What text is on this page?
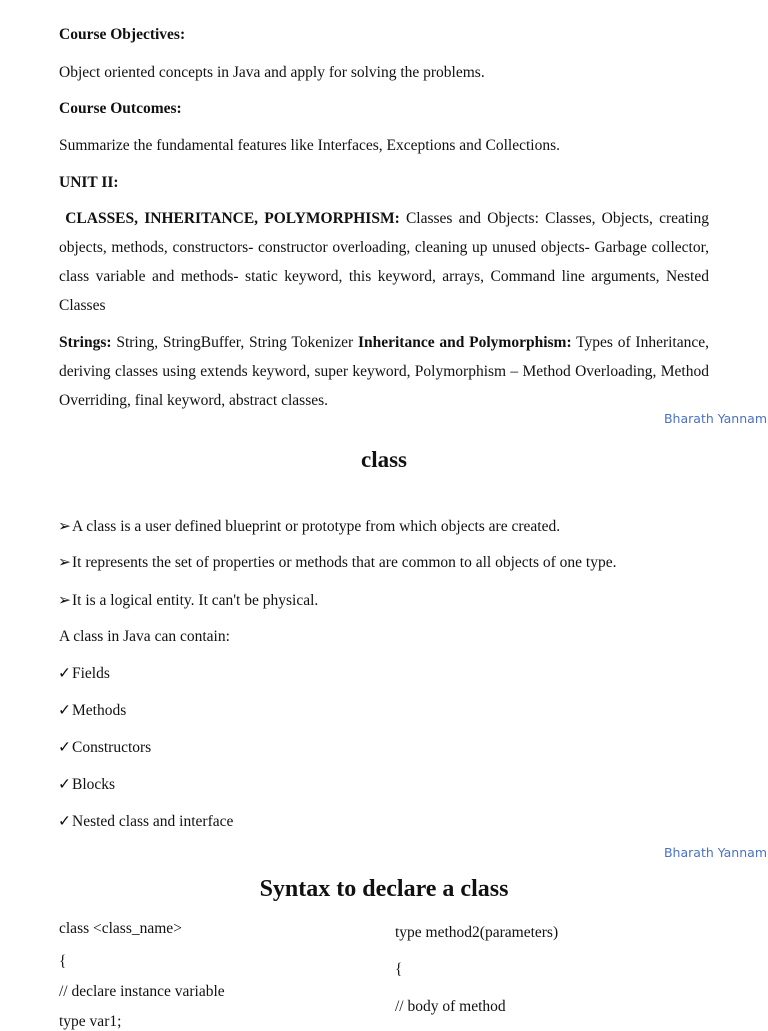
Course Objectives:

Object oriented concepts in Java and apply for solving the problems.

Course Outcomes:

Summarize the fundamental features like Interfaces, Exceptions and Collections.

UNIT II:

CLASSES, INHERITANCE, POLYMORPHISM: Classes and Objects: Classes, Objects, creating objects, methods, constructors- constructor overloading, cleaning up unused objects- Garbage collector, class variable and methods- static keyword, this keyword, arrays, Command line arguments, Nested Classes

Strings: String, StringBuffer, String Tokenizer Inheritance and Polymorphism: Types of Inheritance, deriving classes using extends keyword, super keyword, Polymorphism – Method Overloading, Method Overriding, final keyword, abstract classes.

Bharath Yannam
class

➢A class is a user defined blueprint or prototype from which objects are created.

➢It represents the set of properties or methods that are common to all objects of one type.

➢It is a logical entity. It can't be physical.

A class in Java can contain:

✓Fields

✓Methods

✓Constructors

✓Blocks

✓Nested class and interface

Bharath Yannam
Syntax to declare a class

class <class_name>

{

// declare instance variable

type var1;

type method2(parameters)

{

// body of method
